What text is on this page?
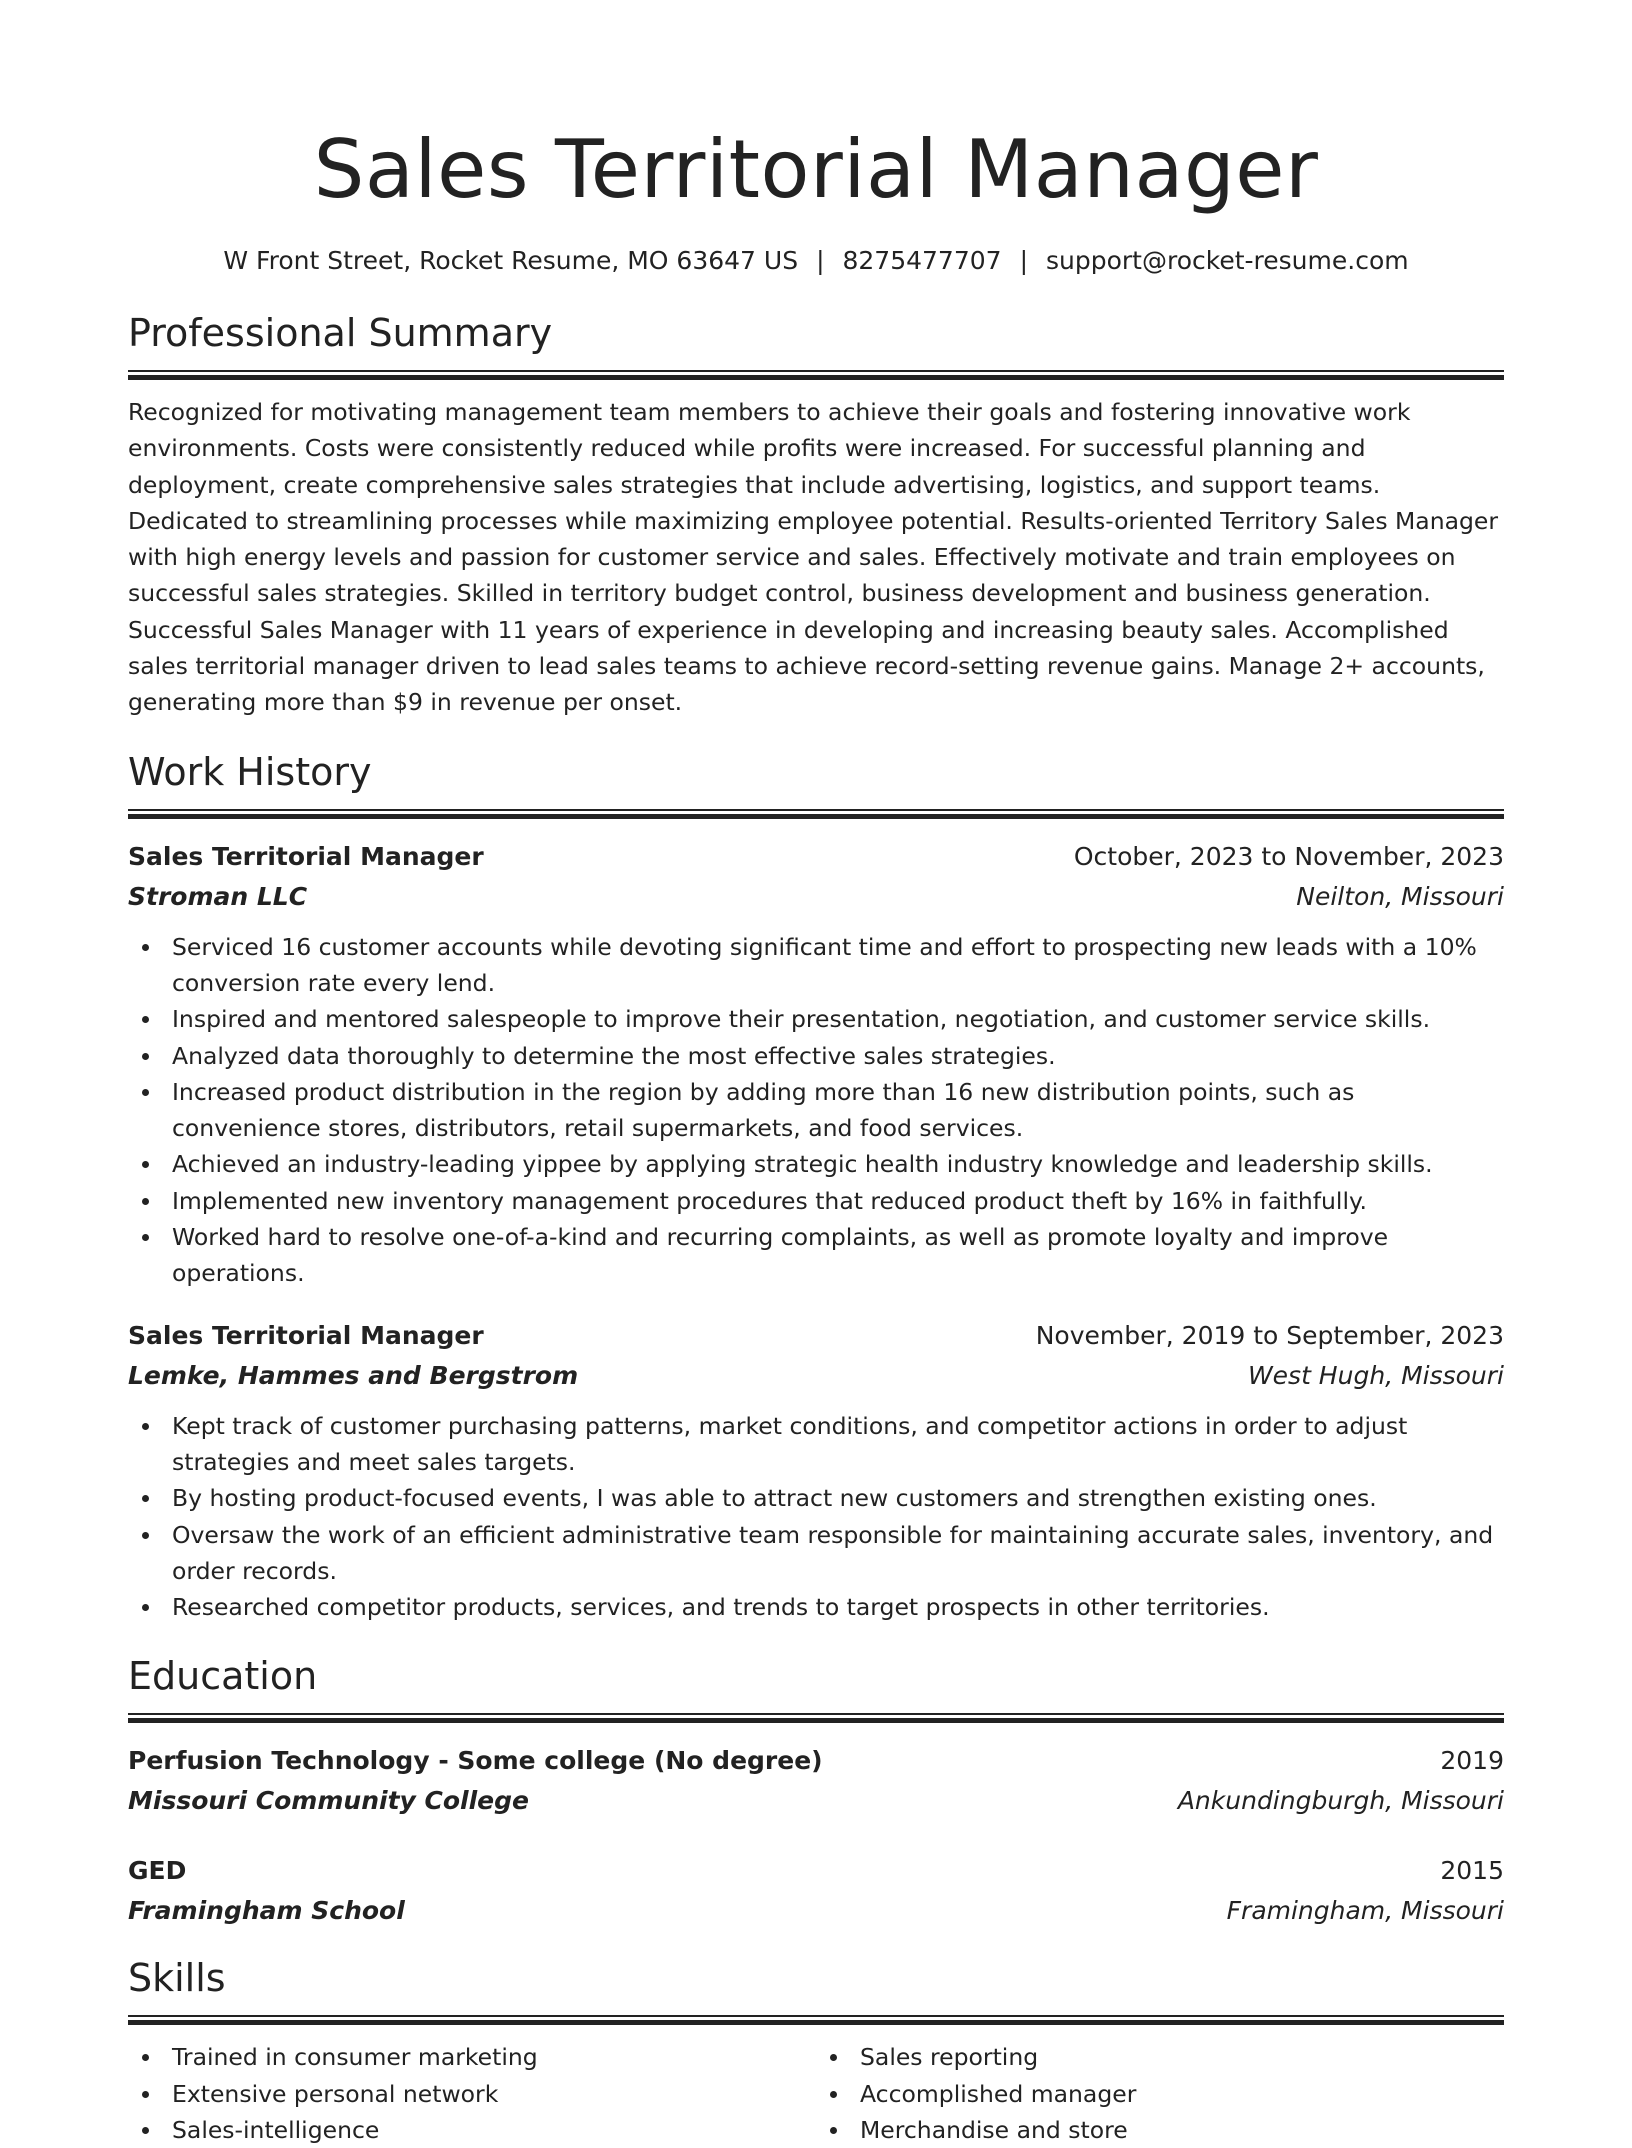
Sales Territorial Manager
W Front Street, Rocket Resume, MO 63647 US | 8275477707 | support@rocket-resume.com
Professional Summary

Recognized for motivating management team members to achieve their goals and fostering innovative work environments. Costs were consistently reduced while profits were increased. For successful planning and deployment, create comprehensive sales strategies that include advertising, logistics, and support teams. Dedicated to streamlining processes while maximizing employee potential. Results-oriented Territory Sales Manager with high energy levels and passion for customer service and sales. Effectively motivate and train employees on successful sales strategies. Skilled in territory budget control, business development and business generation. Successful Sales Manager with 11 years of experience in developing and increasing beauty sales. Accomplished sales territorial manager driven to lead sales teams to achieve record-setting revenue gains. Manage 2+ accounts, generating more than $9 in revenue per onset.

Work History
Sales Territorial Manager	October, 2023 to November, 2023
Stroman LLC	Neilton, Missouri
Serviced 16 customer accounts while devoting significant time and effort to prospecting new leads with a 10% conversion rate every lend.
Inspired and mentored salespeople to improve their presentation, negotiation, and customer service skills.
Analyzed data thoroughly to determine the most effective sales strategies.
Increased product distribution in the region by adding more than 16 new distribution points, such as convenience stores, distributors, retail supermarkets, and food services.
Achieved an industry-leading yippee by applying strategic health industry knowledge and leadership skills.
Implemented new inventory management procedures that reduced product theft by 16% in faithfully.
Worked hard to resolve one-of-a-kind and recurring complaints, as well as promote loyalty and improve operations.
Sales Territorial Manager	November, 2019 to September, 2023
Lemke, Hammes and Bergstrom	West Hugh, Missouri
Kept track of customer purchasing patterns, market conditions, and competitor actions in order to adjust strategies and meet sales targets.
By hosting product-focused events, I was able to attract new customers and strengthen existing ones.
Oversaw the work of an efficient administrative team responsible for maintaining accurate sales, inventory, and order records.
Researched competitor products, services, and trends to target prospects in other territories.
Education
Perfusion Technology - Some college (No degree)	2019
Missouri Community College	Ankundingburgh, Missouri
GED	2015
Framingham School	Framingham, Missouri
Skills
Trained in consumer marketing
Extensive personal network
Sales-intelligence
Sales reporting
Accomplished manager
Merchandise and store
